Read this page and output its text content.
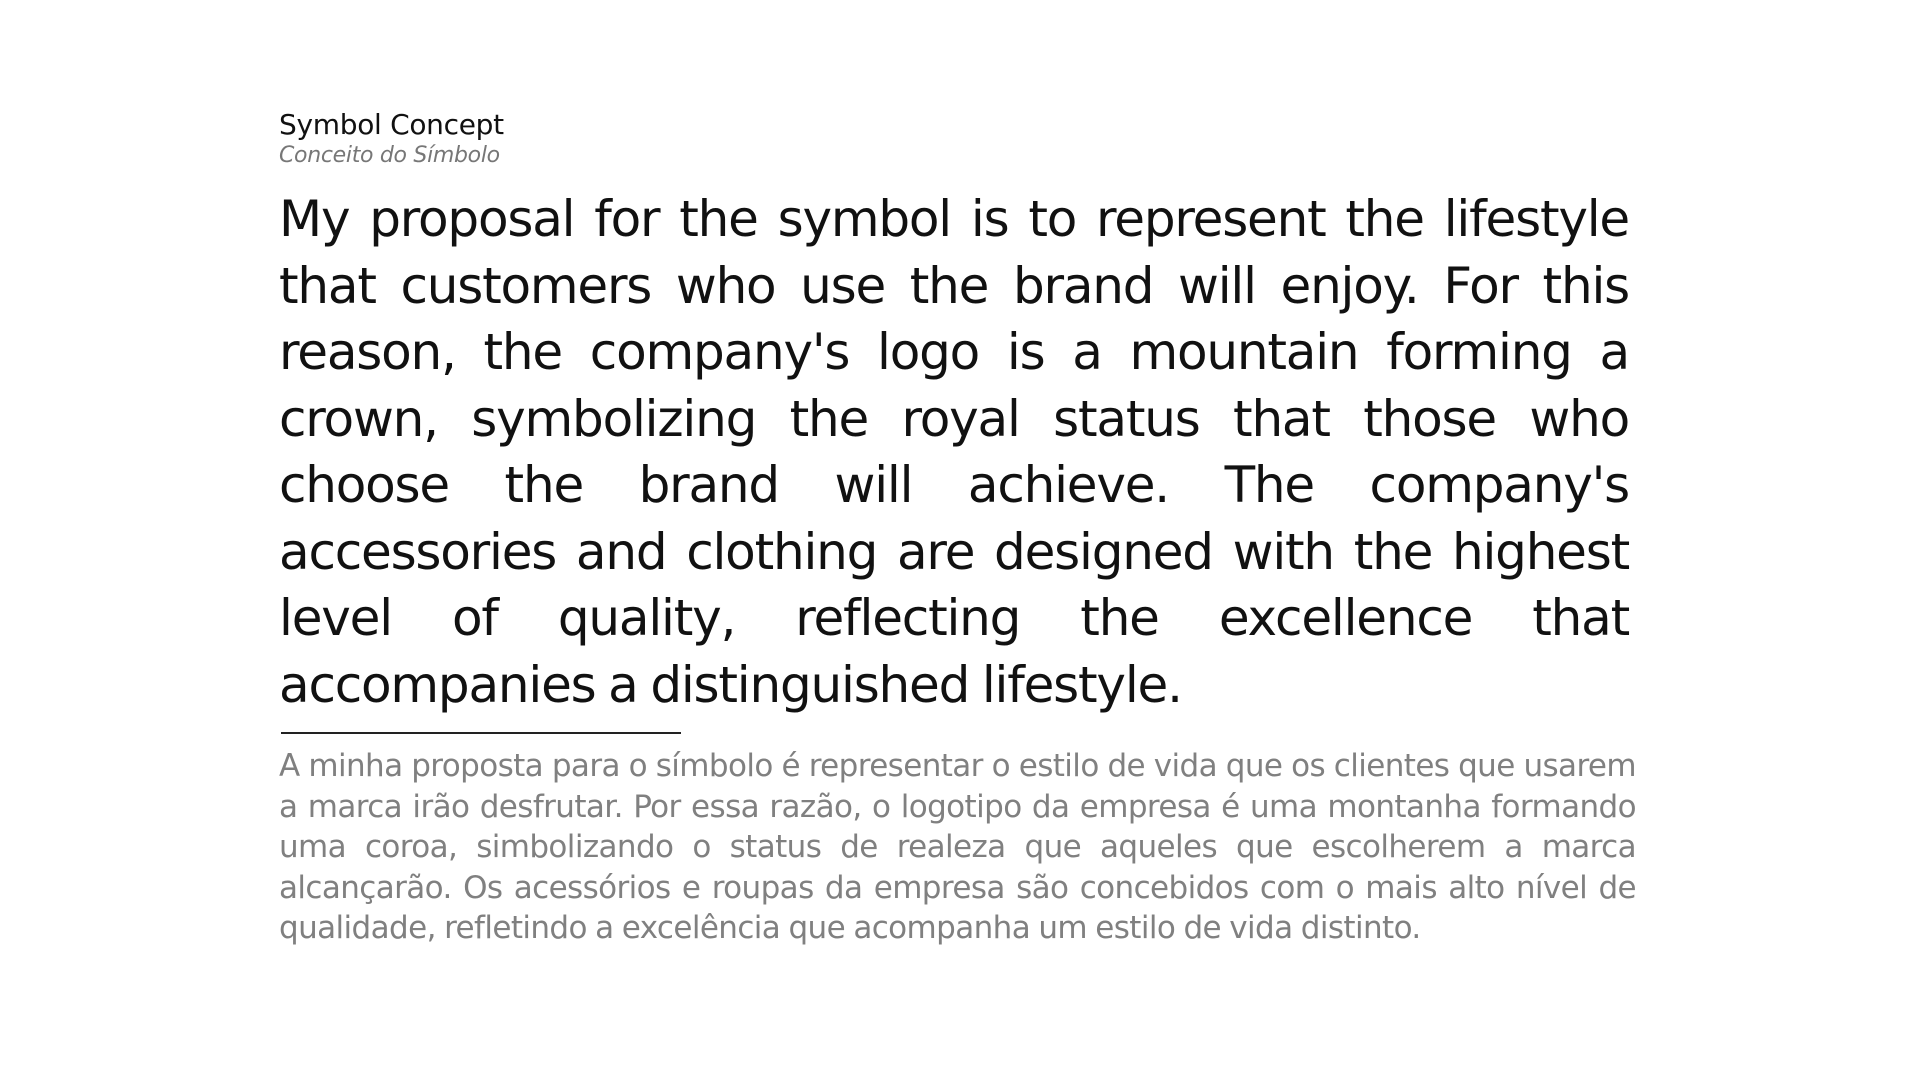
Symbol Concept
Conceito do Símbolo

My proposal for the symbol is to represent the lifestyle that customers who use the brand will enjoy. For this reason, the company's logo is a mountain forming a crown, symbolizing the royal status that those who choose the brand will achieve. The company's accessories and clothing are designed with the highest level of quality, reflecting the excellence that accompanies a distinguished lifestyle.

A minha proposta para o símbolo é representar o estilo de vida que os clientes que usarem a marca irão desfrutar. Por essa razão, o logotipo da empresa é uma montanha formando uma coroa, simbolizando o status de realeza que aqueles que escolherem a marca alcançarão. Os acessórios e roupas da empresa são concebidos com o mais alto nível de qualidade, refletindo a excelência que acompanha um estilo de vida distinto.
